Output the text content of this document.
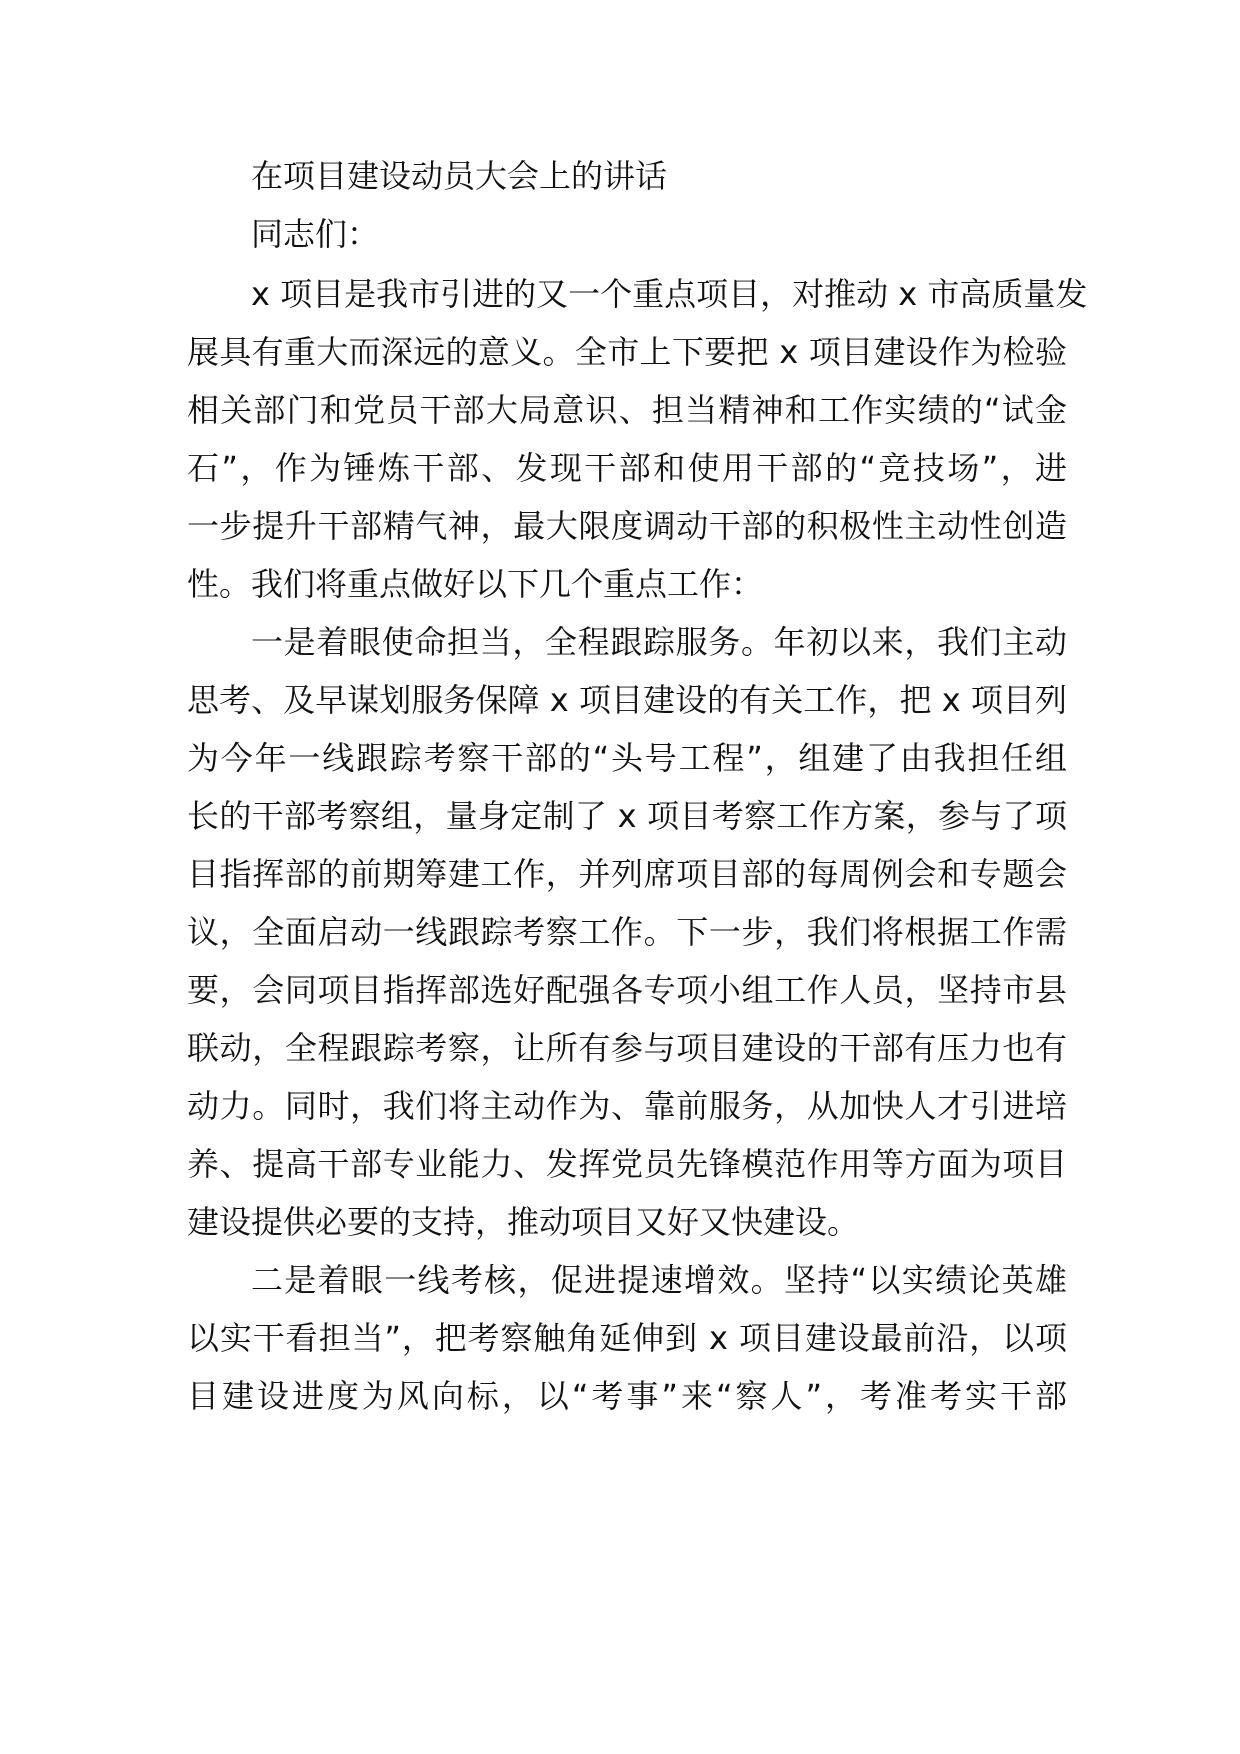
在项目建设动员大会上的讲话
同志们：
x 项目是我市引进的又一个重点项目，对推动 x 市高质量发
展具有重大而深远的意义。全市上下要把 x 项目建设作为检验
相关部门和党员干部大局意识、担当精神和工作实绩的“试金
石”，作为锤炼干部、发现干部和使用干部的“竞技场”，进
一步提升干部精气神，最大限度调动干部的积极性主动性创造
性。我们将重点做好以下几个重点工作：
一是着眼使命担当，全程跟踪服务。年初以来，我们主动
思考、及早谋划服务保障 x 项目建设的有关工作，把 x 项目列
为今年一线跟踪考察干部的“头号工程”，组建了由我担任组
长的干部考察组，量身定制了 x 项目考察工作方案，参与了项
目指挥部的前期筹建工作，并列席项目部的每周例会和专题会
议，全面启动一线跟踪考察工作。下一步，我们将根据工作需
要，会同项目指挥部选好配强各专项小组工作人员，坚持市县
联动，全程跟踪考察，让所有参与项目建设的干部有压力也有
动力。同时，我们将主动作为、靠前服务，从加快人才引进培
养、提高干部专业能力、发挥党员先锋模范作用等方面为项目
建设提供必要的支持，推动项目又好又快建设。
二是着眼一线考核，促进提速增效。坚持“以实绩论英雄
以实干看担当”，把考察触角延伸到 x 项目建设最前沿，以项
目建设进度为风向标，以“考事”来“察人”，考准考实干部
